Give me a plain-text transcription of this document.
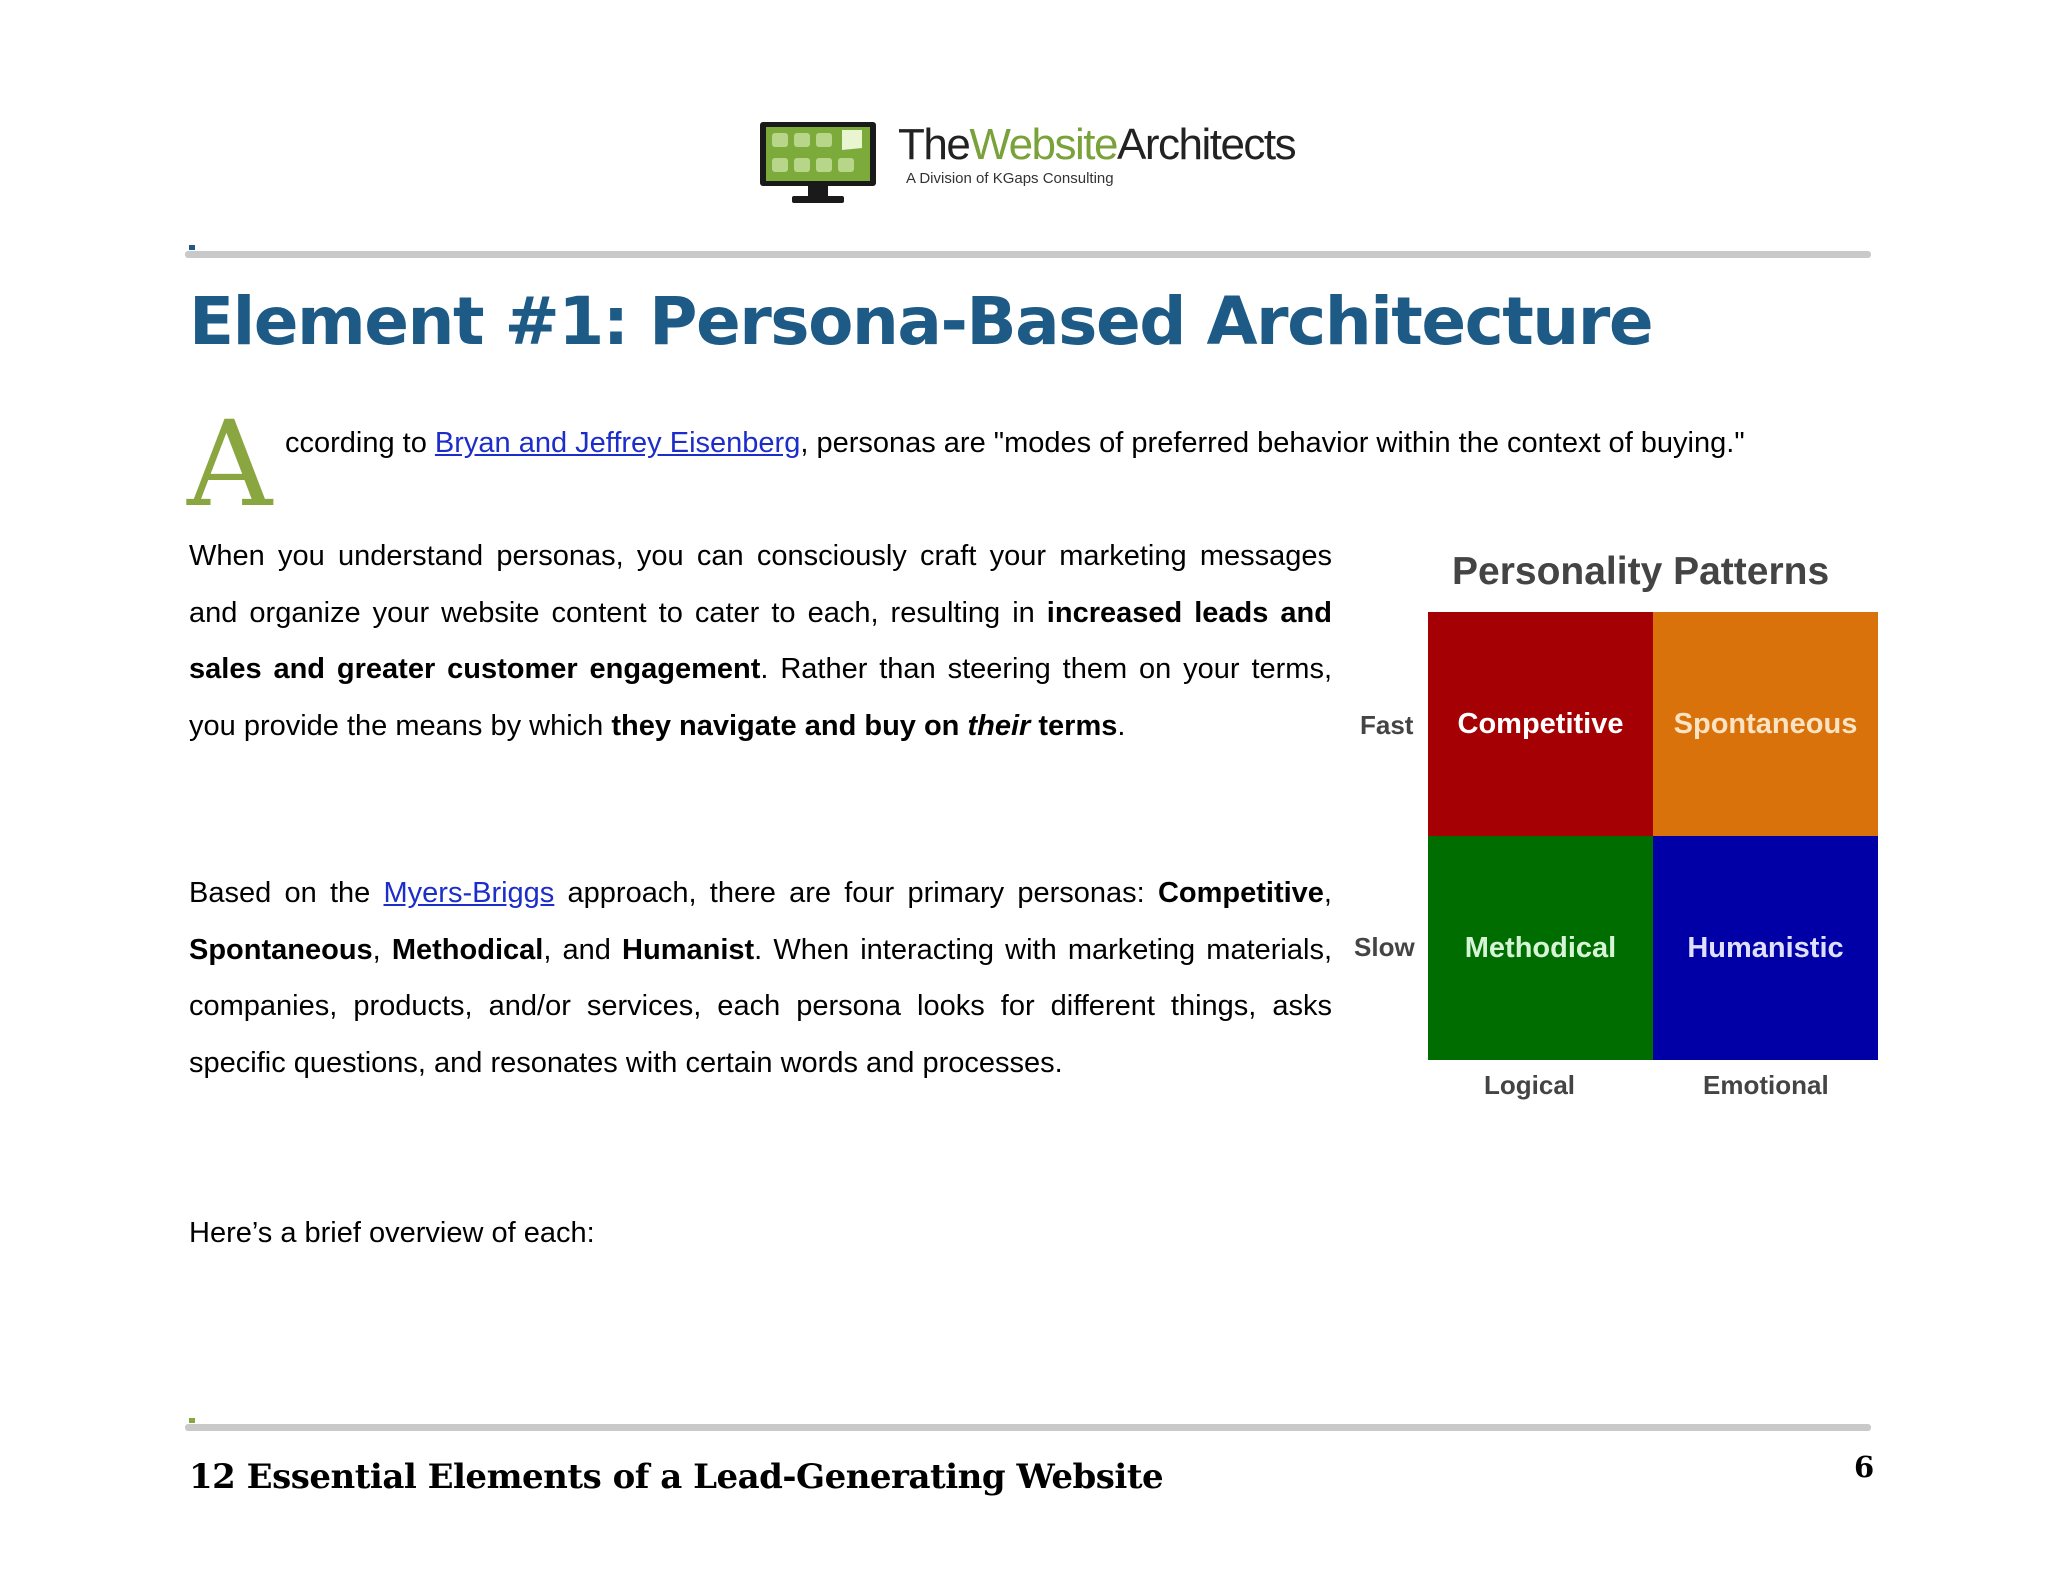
TheWebsiteArchitects
A Division of KGaps Consulting
Element #1: Persona-Based Architecture
A ccording to Bryan and Jeffrey Eisenberg, personas are "modes of preferred behavior within the context of buying."

When you understand personas, you can consciously craft your marketing messages and organize your website content to cater to each, resulting in increased leads and sales and greater customer engagement. Rather than steering them on your terms, you provide the means by which they navigate and buy on their terms.

Based on the Myers-Briggs approach, there are four primary personas: Competitive, Spontaneous, Methodical, and Humanist. When interacting with marketing materials, companies, products, and/or services, each persona looks for different things, asks specific questions, and resonates with certain words and processes.

Here’s a brief overview of each:

Personality Patterns
Competitive	Spontaneous
Methodical	Humanistic
Fast
Slow
Logical	Emotional
12 Essential Elements of a Lead-Generating Website	6
